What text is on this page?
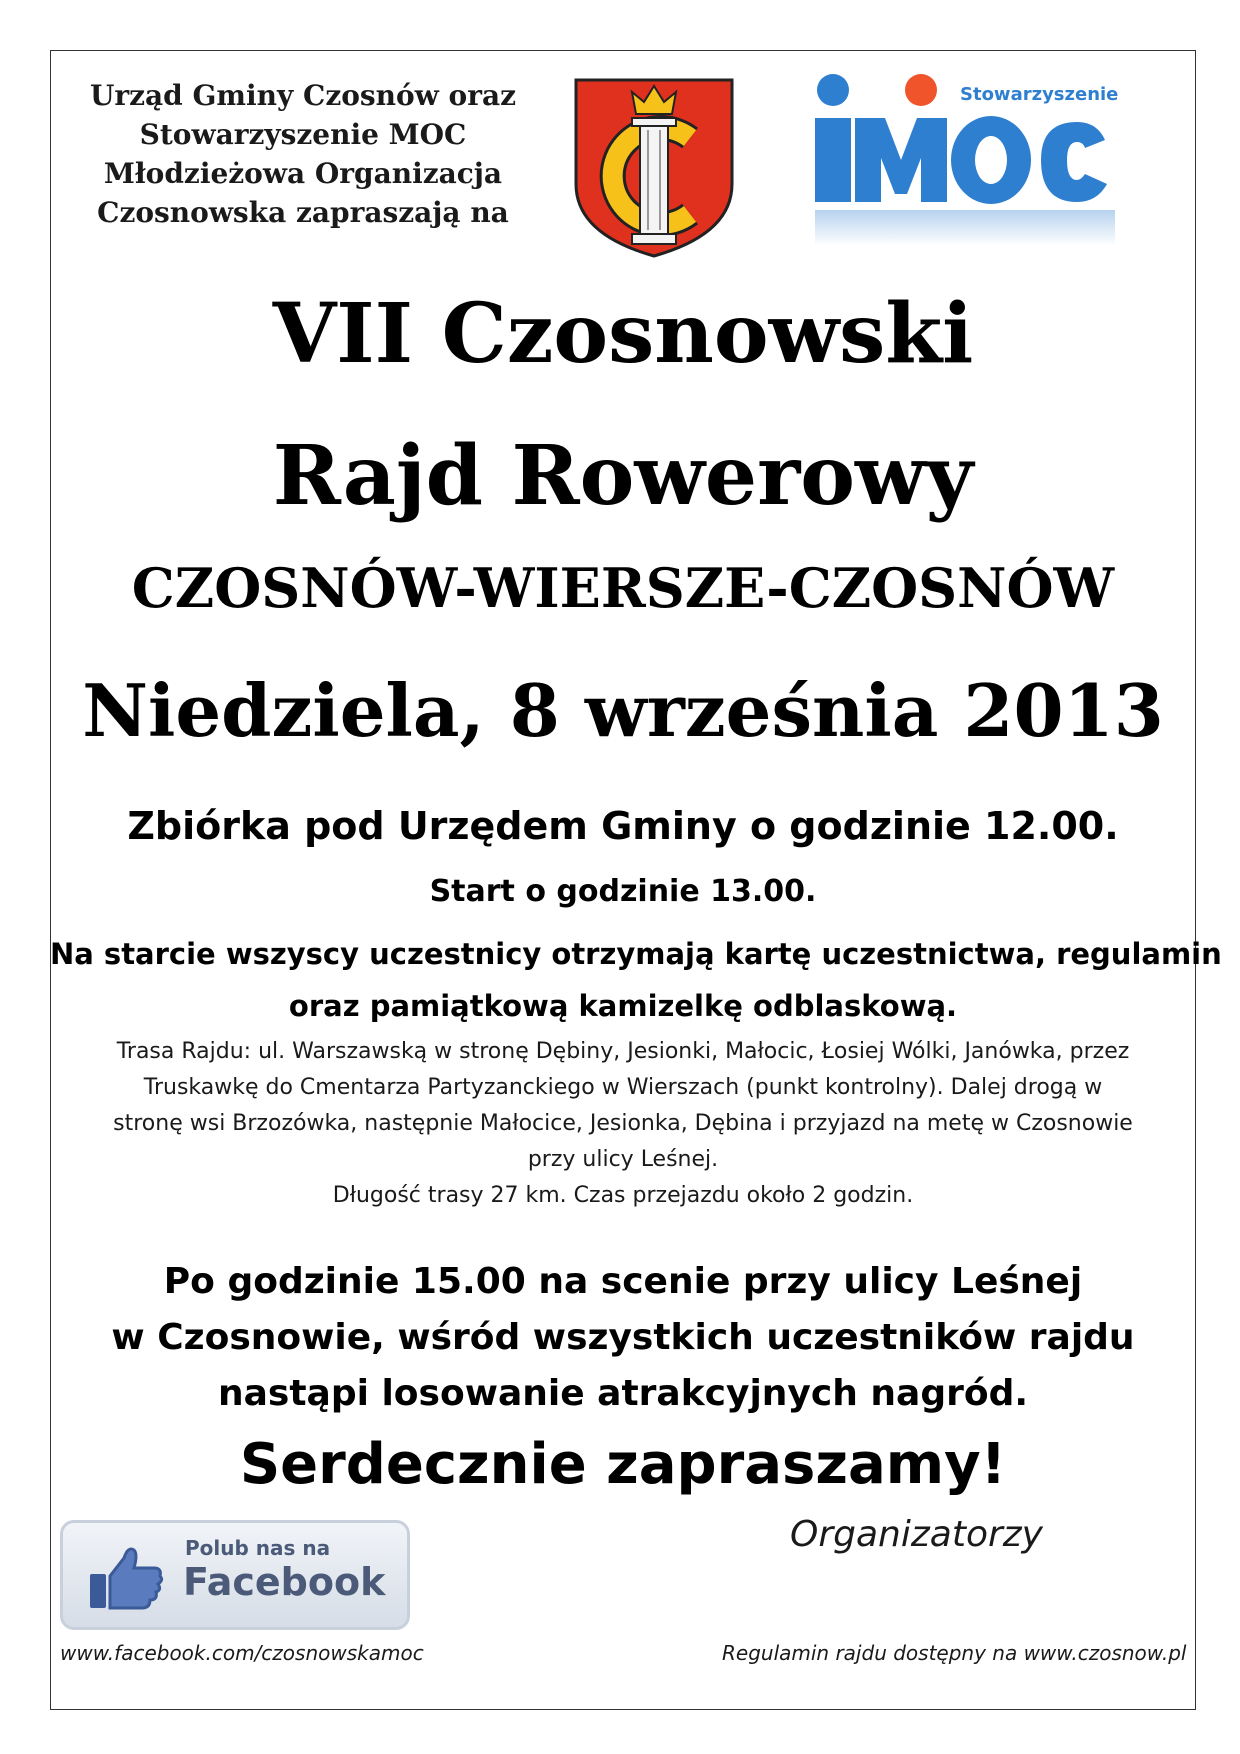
Urząd Gminy Czosnów oraz
Stowarzyszenie MOC
Młodzieżowa Organizacja
Czosnowska zapraszają na
Stowarzyszenie
VII Czosnowski
Rajd Rowerowy
CZOSNÓW-WIERSZE-CZOSNÓW
Niedziela, 8 września 2013
Zbiórka pod Urzędem Gminy o godzinie 12.00.
Start o godzinie 13.00.
Na starcie wszyscy uczestnicy otrzymają kartę uczestnictwa, regulamin
oraz pamiątkową kamizelkę odblaskową.
Trasa Rajdu: ul. Warszawską w stronę Dębiny, Jesionki, Małocic, Łosiej Wólki, Janówka, przez
Truskawkę do Cmentarza Partyzanckiego w Wierszach (punkt kontrolny). Dalej drogą w
stronę wsi Brzozówka, następnie Małocice, Jesionka, Dębina i przyjazd na metę w Czosnowie
przy ulicy Leśnej.
Długość trasy 27 km. Czas przejazdu około 2 godzin.
Po godzinie 15.00 na scenie przy ulicy Leśnej
w Czosnowie, wśród wszystkich uczestników rajdu
nastąpi losowanie atrakcyjnych nagród.
Serdecznie zapraszamy!
Organizatorzy
Polub nas na
Facebook
www.facebook.com/czosnowskamoc	Regulamin rajdu dostępny na www.czosnow.pl
